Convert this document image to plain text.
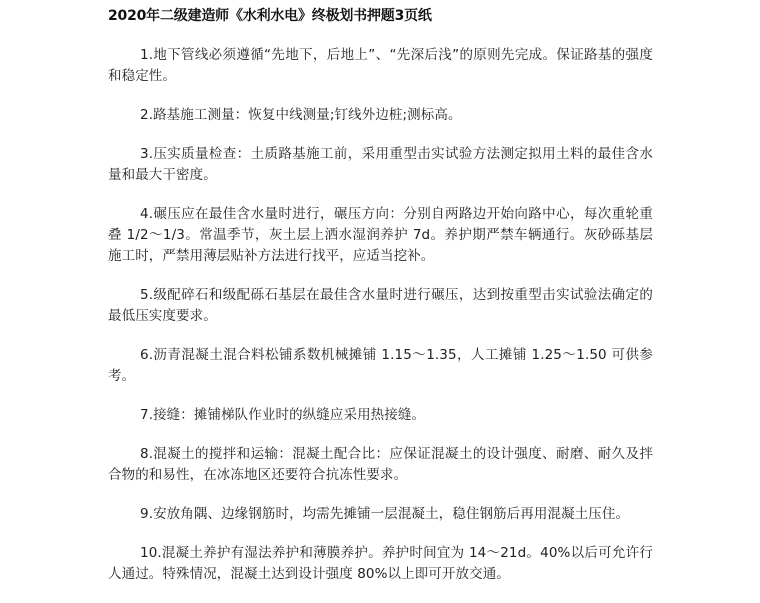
2020年二级建造师《水利水电》终极划书押题3页纸

1.地下管线必须遵循“先地下，后地上”、“先深后浅”的原则先完成。保证路基的强度和稳定性。

2.路基施工测量：恢复中线测量;钉线外边桩;测标高。

3.压实质量检查：土质路基施工前，采用重型击实试验方法测定拟用土料的最佳含水量和最大干密度。

4.碾压应在最佳含水量时进行，碾压方向：分别自两路边开始向路中心，每次重轮重叠 1/2～1/3。常温季节，灰土层上洒水湿润养护 7d。养护期严禁车辆通行。灰砂砾基层施工时，严禁用薄层贴补方法进行找平，应适当挖补。

5.级配碎石和级配砾石基层在最佳含水量时进行碾压，达到按重型击实试验法确定的最低压实度要求。

6.沥青混凝土混合料松铺系数机械摊铺 1.15～1.35，人工摊铺 1.25～1.50 可供参考。

7.接缝：摊铺梯队作业时的纵缝应采用热接缝。

8.混凝土的搅拌和运输：混凝土配合比：应保证混凝土的设计强度、耐磨、耐久及拌合物的和易性，在冰冻地区还要符合抗冻性要求。

9.安放角隅、边缘钢筋时，均需先摊铺一层混凝土，稳住钢筋后再用混凝土压住。

10.混凝土养护有湿法养护和薄膜养护。养护时间宜为 14～21d。40%以后可允许行人通过。特殊情况，混凝土达到设计强度 80%以上即可开放交通。
